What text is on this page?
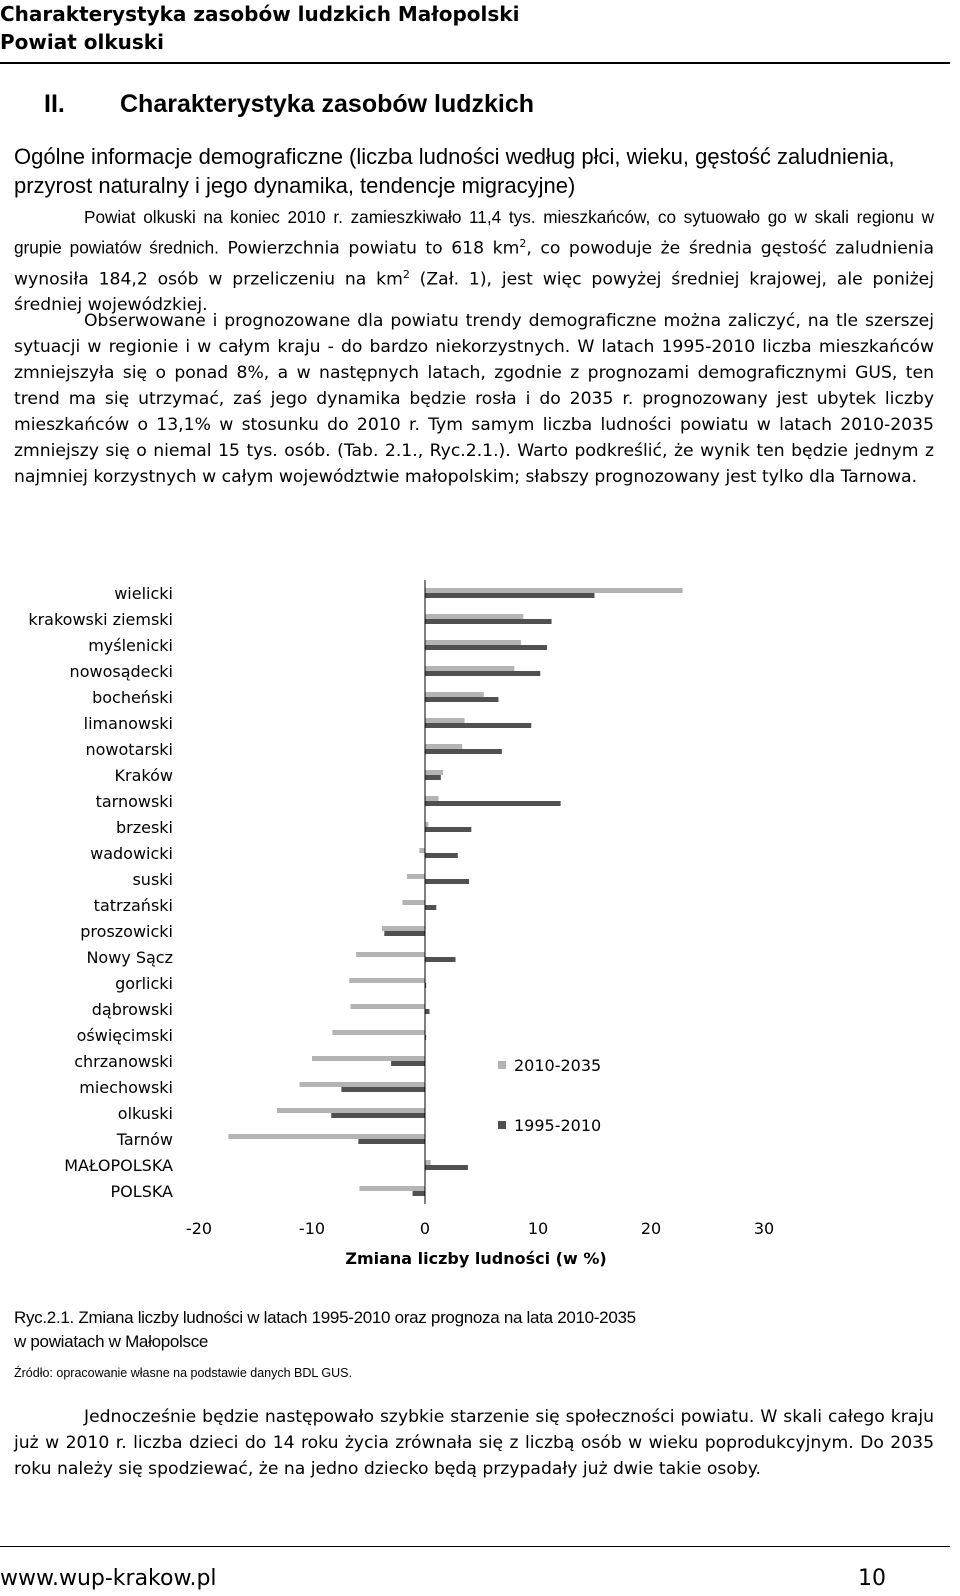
Charakterystyka zasobów ludzkich Małopolski
Powiat olkuski
II. Charakterystyka zasobów ludzkich
Ogólne informacje demograficzne (liczba ludności według płci, wieku, gęstość zaludnienia, przyrost naturalny i jego dynamika, tendencje migracyjne)
Powiat olkuski na koniec 2010 r. zamieszkiwało 11,4 tys. mieszkańców, co sytuowało go w skali regionu w grupie powiatów średnich. Powierzchnia powiatu to 618 $km^2$, co powoduje że średnia gęstość zaludnienia wynosiła 184,2 osób w przeliczeniu na $km^2$ (Zał. 1), jest więc powyżej średniej krajowej, ale poniżej średniej wojewódzkiej.
Obserwowane i prognozowane dla powiatu trendy demograficzne można zaliczyć, na tle szerszej sytuacji w regionie i w całym kraju - do bardzo niekorzystnych. W latach 1995-2010 liczba mieszkańców zmniejszyła się o ponad 8%, a w następnych latach, zgodnie z prognozami demograficznymi GUS, ten trend ma się utrzymać, zaś jego dynamika będzie rosła i do 2035 r. prognozowany jest ubytek liczby mieszkańców o 13,1% w stosunku do 2010 r. Tym samym liczba ludności powiatu w latach 2010-2035 zmniejszy się o niemal 15 tys. osób. (Tab. 2.1., Ryc.2.1.). Warto podkreślić, że wynik ten będzie jednym z najmniej korzystnych w całym województwie małopolskim; słabszy prognozowany jest tylko dla Tarnowa.
wielicki
krakowski ziemski
myślenicki
nowosądecki
bocheński
limanowski
nowotarski
Kraków
tarnowski
brzeski
wadowicki
suski
tatrzański
proszowicki
Nowy Sącz
gorlicki
dąbrowski
oświęcimski
chrzanowski
miechowski
olkuski
Tarnów
MAŁOPOLSKA
POLSKA
-20	-10	0	10	20	30
Zmiana liczby ludności (w %)
2010-2035
1995-2010
Ryc.2.1. Zmiana liczby ludności w latach 1995-2010 oraz prognoza na lata 2010-2035
w powiatach w Małopolsce
Źródło: opracowanie własne na podstawie danych BDL GUS.
Jednocześnie będzie następowało szybkie starzenie się społeczności powiatu. W skali całego kraju już w 2010 r. liczba dzieci do 14 roku życia zrównała się z liczbą osób w wieku poprodukcyjnym. Do 2035 roku należy się spodziewać, że na jedno dziecko będą przypadały już dwie takie osoby.
www.wup-krakow.pl	10
